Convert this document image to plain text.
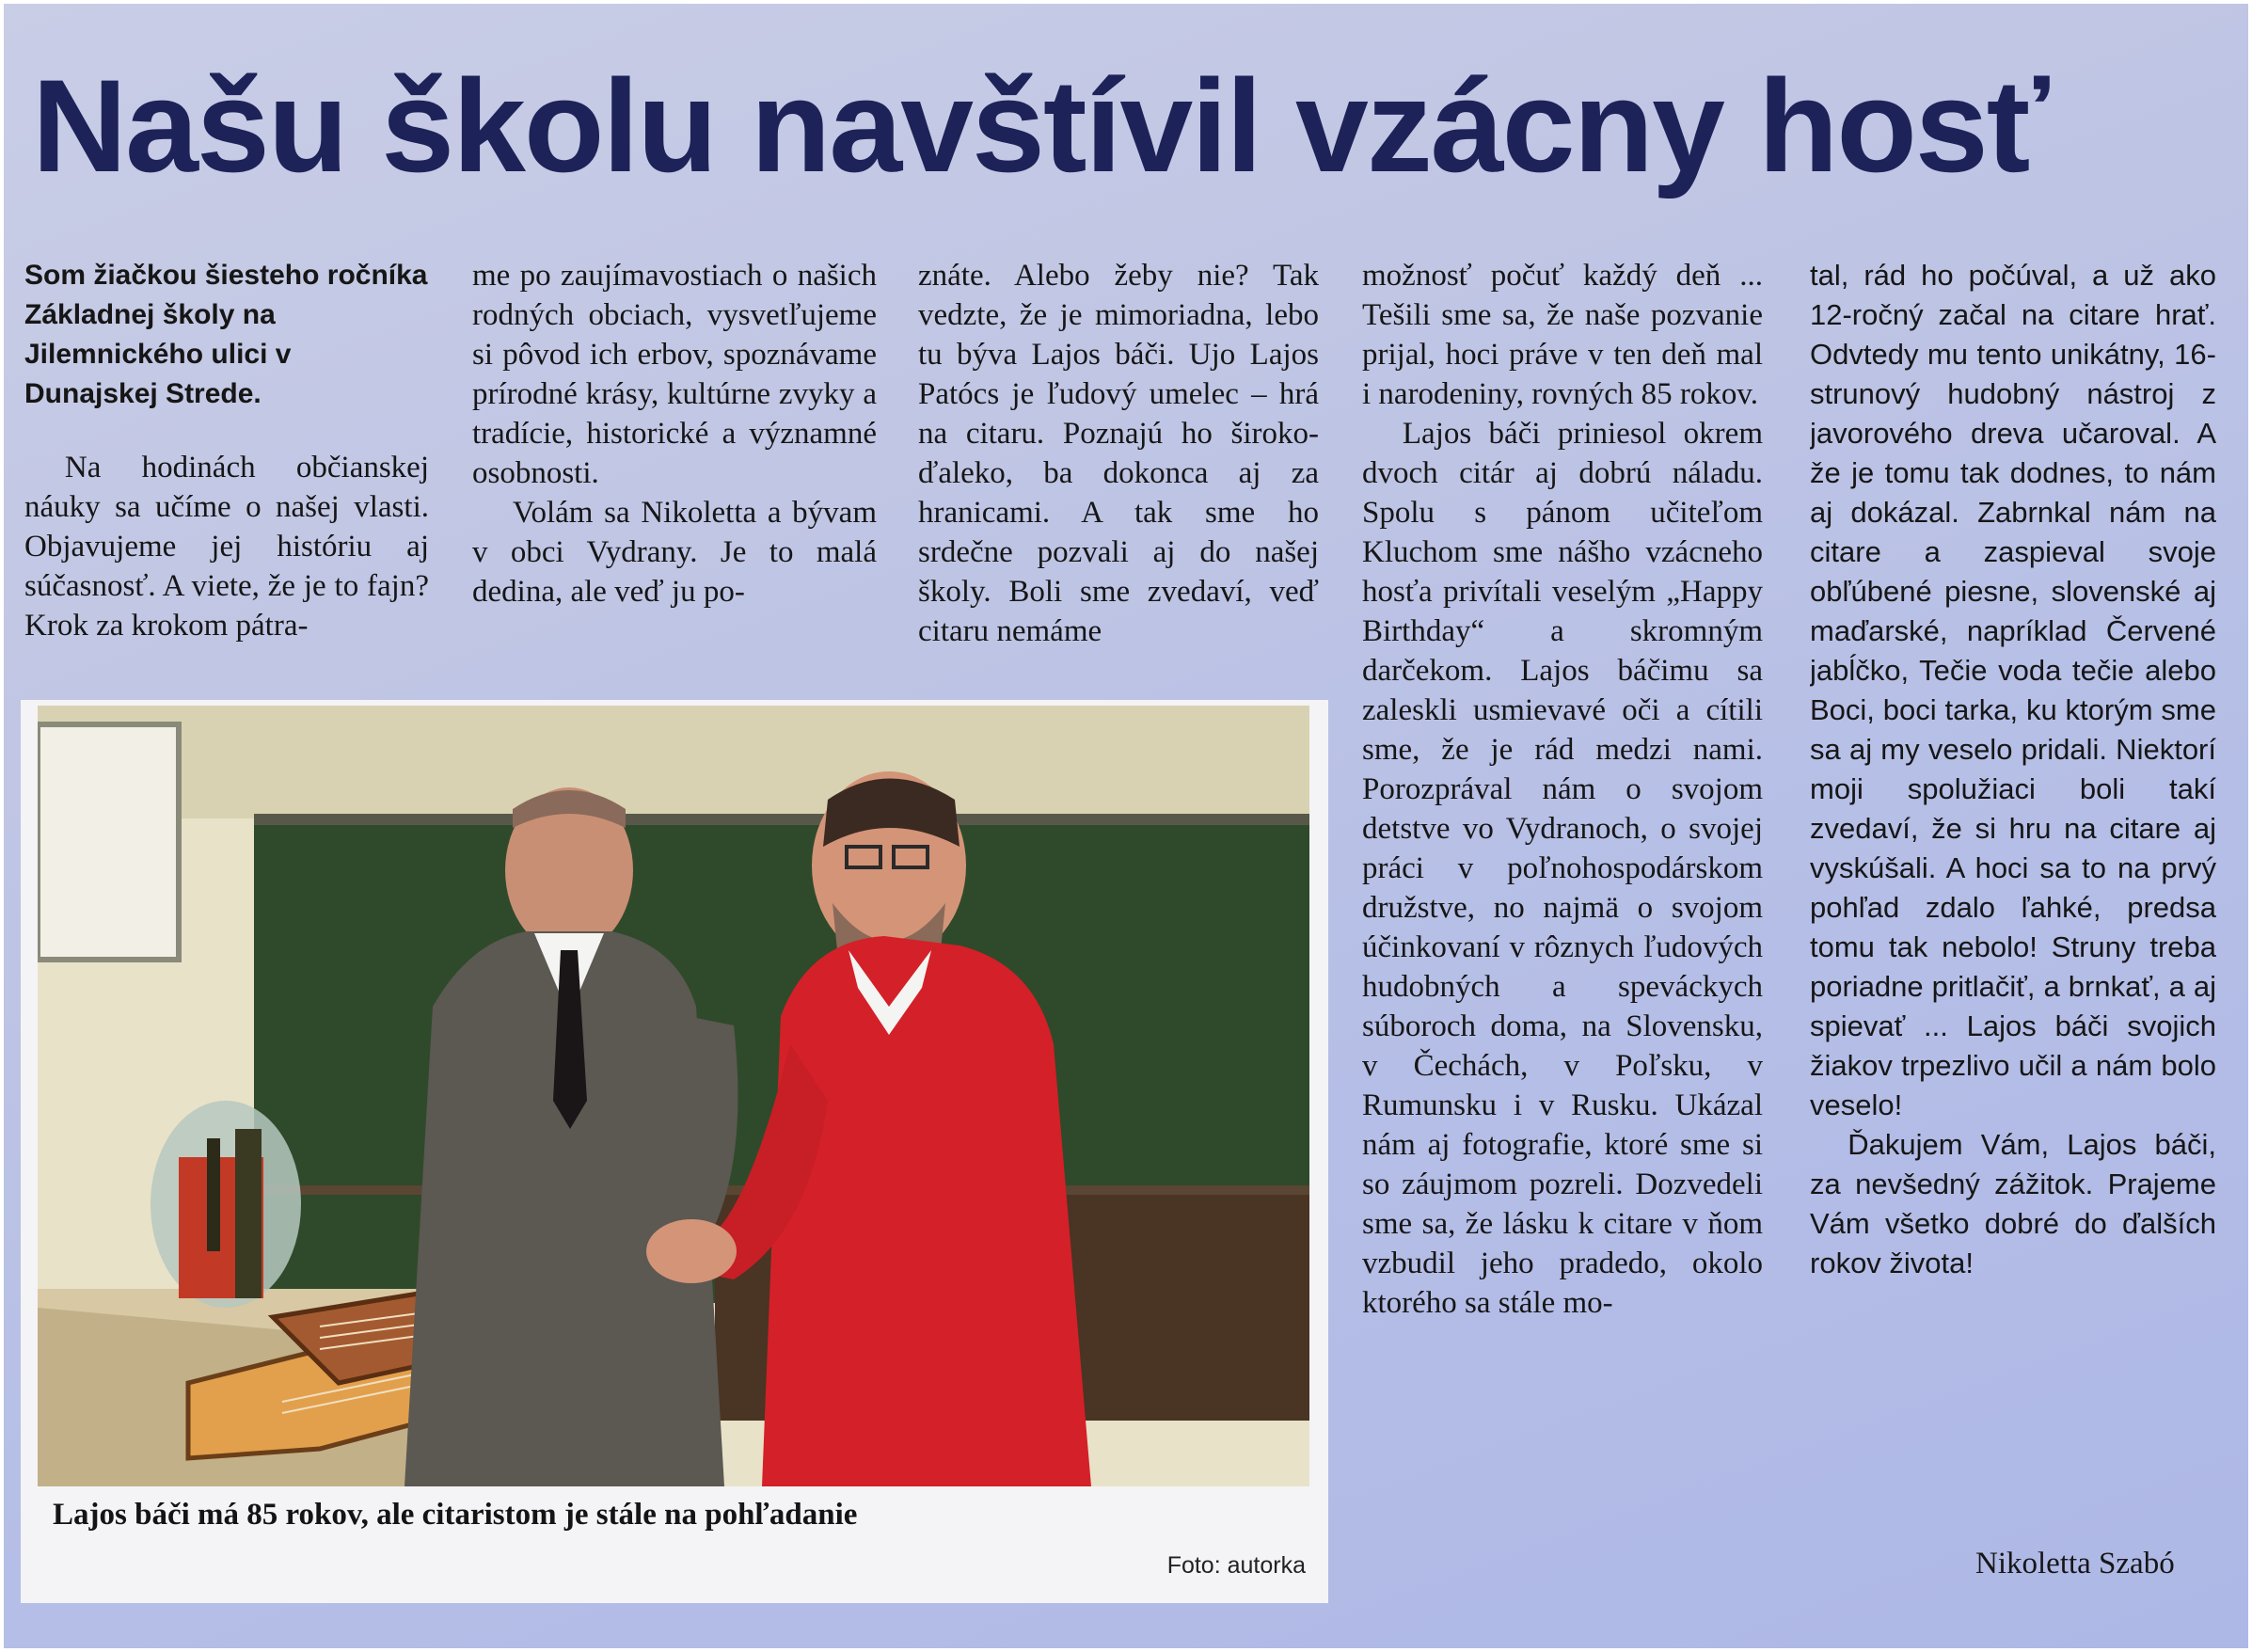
Našu školu navštívil vzácny hosť

Som žiačkou šiesteho ročníka Základnej školy na Jilemnického ulici v Dunajskej Strede.

Na hodinách občianskej náuky sa učíme o našej vlasti. Objavujeme jej históriu aj súčasnosť. A viete, že je to fajn? Krok za krokom pátra-

me po zaujímavostiach o našich rodných obciach, vysvetľujeme si pôvod ich erbov, spoznávame prírodné krásy, kultúrne zvyky a tradície, historické a významné osobnosti.

Volám sa Nikoletta a bývam v obci Vydrany. Je to malá dedina, ale veď ju po-

znáte. Alebo žeby nie? Tak vedzte, že je mimoriadna, lebo tu býva Lajos báči. Ujo Lajos Patócs je ľudový umelec – hrá na citaru. Poznajú ho široko-ďaleko, ba dokonca aj za hranicami. A tak sme ho srdečne pozvali aj do našej školy. Boli sme zvedaví, veď citaru nemáme

možnosť počuť každý deň ... Tešili sme sa, že naše pozvanie prijal, hoci práve v ten deň mal i narodeniny, rovných 85 rokov.

Lajos báči priniesol okrem dvoch citár aj dobrú náladu. Spolu s pánom učiteľom Kluchom sme nášho vzácneho hosťa privítali veselým „Happy Birthday“ a skromným darčekom. Lajos báčimu sa zaleskli usmievavé oči a cítili sme, že je rád medzi nami. Porozprával nám o svojom detstve vo Vydranoch, o svojej práci v poľnohospodárskom družstve, no najmä o svojom účinkovaní v rôznych ľudových hudobných a speváckych súboroch doma, na Slovensku, v Čechách, v Poľsku, v Rumunsku i v Rusku. Ukázal nám aj fotografie, ktoré sme si so záujmom pozreli. Dozvedeli sme sa, že lásku k citare v ňom vzbudil jeho pradedo, okolo ktorého sa stále mo-

tal, rád ho počúval, a už ako 12-ročný začal na citare hrať. Odvtedy mu tento unikátny, 16-strunový hudobný nástroj z javorového dreva učaroval. A že je tomu tak dodnes, to nám aj dokázal. Zabrnkal nám na citare a zaspieval svoje obľúbené piesne, slovenské aj maďarské, napríklad Červené jabĺčko, Tečie voda tečie alebo Boci, boci tarka, ku ktorým sme sa aj my veselo pridali. Niektorí moji spolužiaci boli takí zvedaví, že si hru na citare aj vyskúšali. A hoci sa to na prvý pohľad zdalo ľahké, predsa tomu tak nebolo! Struny treba poriadne pritlačiť, a brnkať, a aj spievať ... Lajos báči svojich žiakov trpezlivo učil a nám bolo veselo!

Ďakujem Vám, Lajos báči, za nevšedný zážitok. Prajeme Vám všetko dobré do ďalších rokov života!

Lajos báči má 85 rokov, ale citaristom je stále na pohľadanie
Foto: autorka	Nikoletta Szabó
